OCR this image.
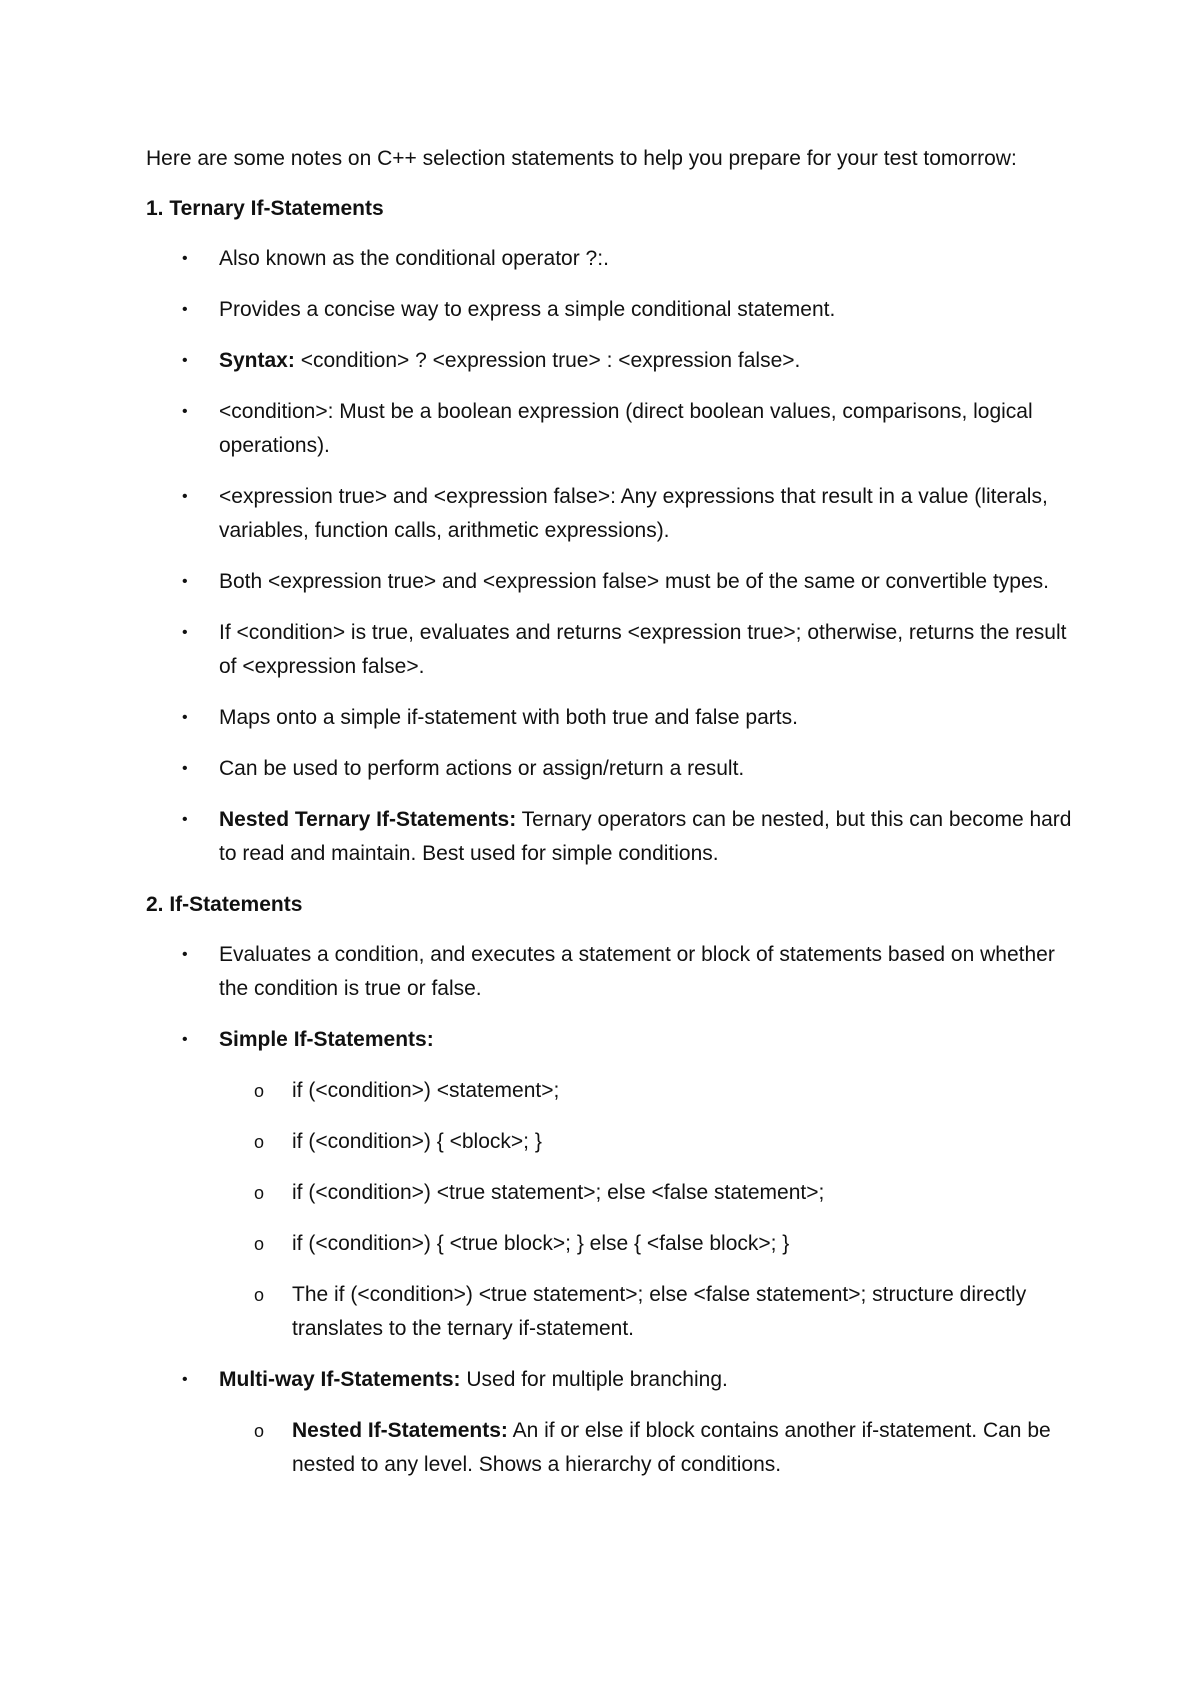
Here are some notes on C++ selection statements to help you prepare for your test tomorrow:

1. Ternary If-Statements

• Also known as the conditional operator ?:.
• Provides a concise way to express a simple conditional statement.
• Syntax: <condition> ? <expression true> : <expression false>.
• <condition>: Must be a boolean expression (direct boolean values, comparisons, logical operations).
• <expression true> and <expression false>: Any expressions that result in a value (literals, variables, function calls, arithmetic expressions).
• Both <expression true> and <expression false> must be of the same or convertible types.
• If <condition> is true, evaluates and returns <expression true>; otherwise, returns the result of <expression false>.
• Maps onto a simple if-statement with both true and false parts.
• Can be used to perform actions or assign/return a result.
• Nested Ternary If-Statements: Ternary operators can be nested, but this can become hard to read and maintain. Best used for simple conditions.

2. If-Statements

• Evaluates a condition, and executes a statement or block of statements based on whether the condition is true or false.
• Simple If-Statements:
o if (<condition>) <statement>;
o if (<condition>) { <block>; }
o if (<condition>) <true statement>; else <false statement>;
o if (<condition>) { <true block>; } else { <false block>; }
o The if (<condition>) <true statement>; else <false statement>; structure directly translates to the ternary if-statement.
• Multi-way If-Statements: Used for multiple branching.
o Nested If-Statements: An if or else if block contains another if-statement. Can be nested to any level. Shows a hierarchy of conditions.
